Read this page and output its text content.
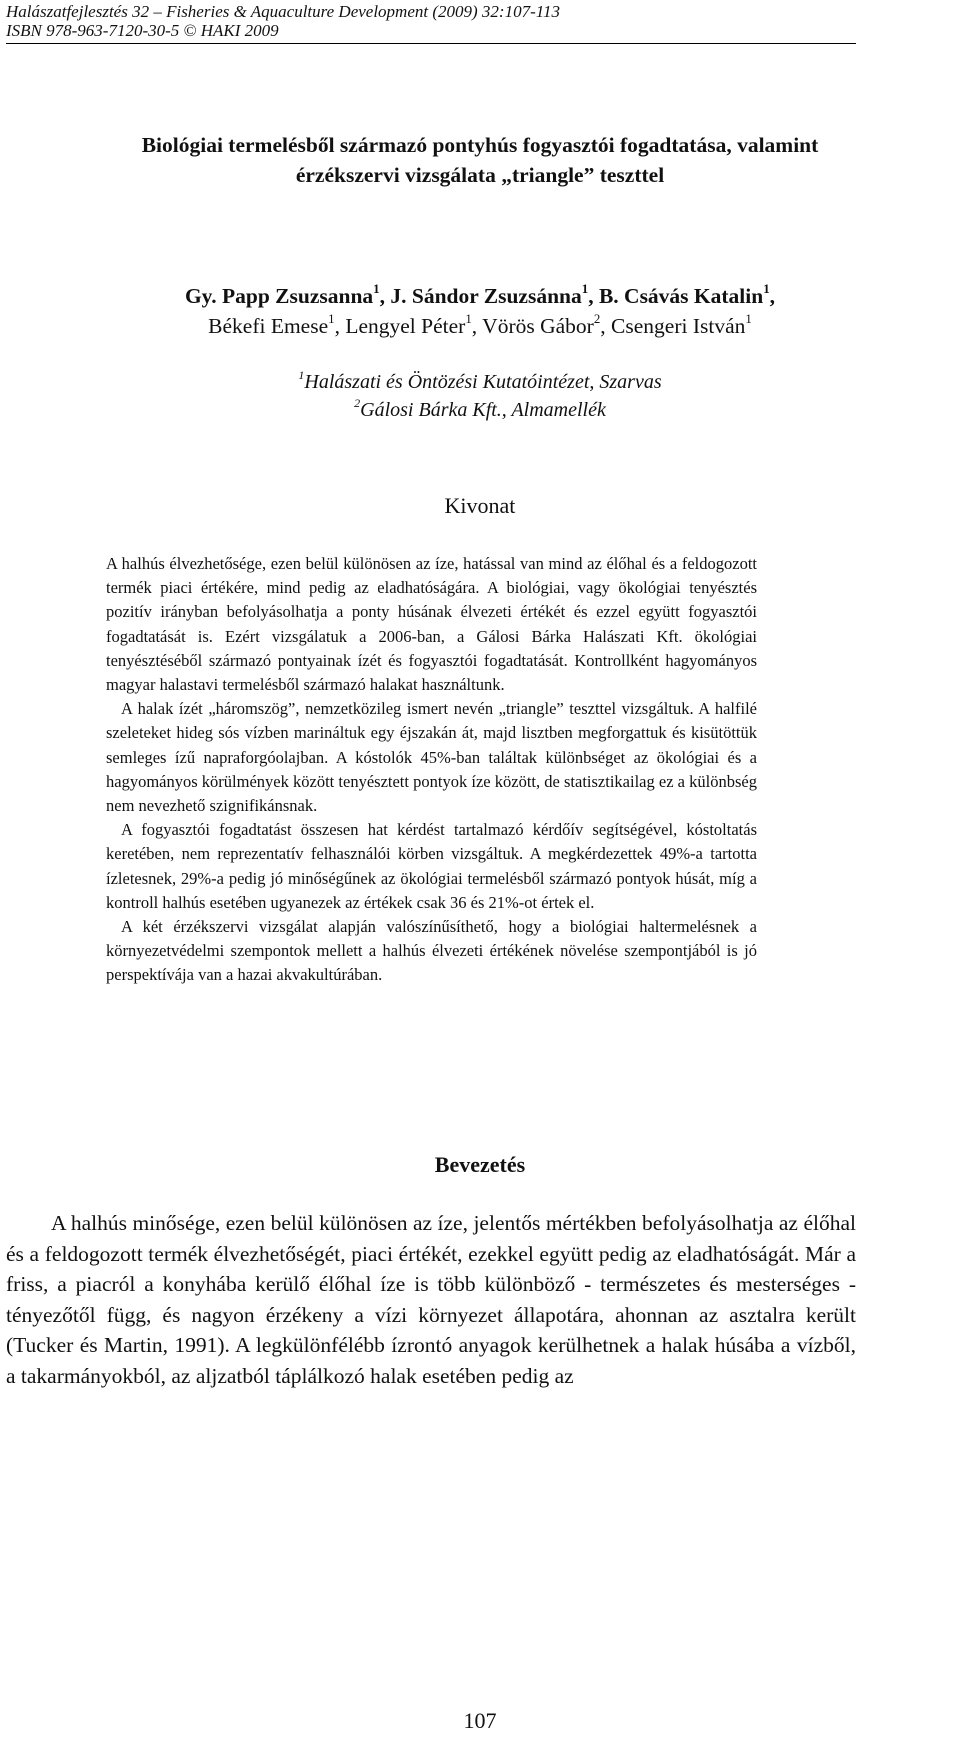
Halászatfejlesztés 32 – Fisheries & Aquaculture Development (2009) 32:107-113
ISBN 978-963-7120-30-5 © HAKI 2009
Biológiai termelésből származó pontyhús fogyasztói fogadtatása, valamint
érzékszervi vizsgálata „triangle” teszttel
Gy. Papp Zsuzsanna$^1$, J. Sándor Zsuzsánna$^1$, B. Csávás Katalin$^1$,
Békefi Emese$^1$, Lengyel Péter$^1$, Vörös Gábor$^2$, Csengeri István$^1$
$^1$Halászati és Öntözési Kutatóintézet, Szarvas
$^2$Gálosi Bárka Kft., Almamellék
Kivonat

A halhús élvezhetősége, ezen belül különösen az íze, hatással van mind az élőhal és a feldogozott termék piaci értékére, mind pedig az eladhatóságára. A biológiai, vagy ökológiai tenyésztés pozitív irányban befolyásolhatja a ponty húsának élvezeti értékét és ezzel együtt fogyasztói fogadtatását is. Ezért vizsgálatuk a 2006-ban, a Gálosi Bárka Halászati Kft. ökológiai tenyésztéséből származó pontyainak ízét és fogyasztói fogadtatását. Kontrollként hagyományos magyar halastavi termelésből származó halakat használtunk.

A halak ízét „háromszög”, nemzetközileg ismert nevén „triangle” teszttel vizsgáltuk. A halfilé szeleteket hideg sós vízben marináltuk egy éjszakán át, majd lisztben megforgattuk és kisütöttük semleges ízű napraforgóolajban. A kóstolók 45%-ban találtak különbséget az ökológiai és a hagyományos körülmények között tenyésztett pontyok íze között, de statisztikailag ez a különbség nem nevezhető szignifikánsnak.

A fogyasztói fogadtatást összesen hat kérdést tartalmazó kérdőív segítségével, kóstoltatás keretében, nem reprezentatív felhasználói körben vizsgáltuk. A megkérdezettek 49%-a tartotta ízletesnek, 29%-a pedig jó minőségűnek az ökológiai termelésből származó pontyok húsát, míg a kontroll halhús esetében ugyanezek az értékek csak 36 és 21%-ot értek el.

A két érzékszervi vizsgálat alapján valószínűsíthető, hogy a biológiai haltermelésnek a környezetvédelmi szempontok mellett a halhús élvezeti értékének növelése szempontjából is jó perspektívája van a hazai akvakultúrában.

Bevezetés

A halhús minősége, ezen belül különösen az íze, jelentős mértékben befolyásolhatja az élőhal és a feldogozott termék élvezhetőségét, piaci értékét, ezekkel együtt pedig az eladhatóságát. Már a friss, a piacról a konyhába kerülő élőhal íze is több különböző - természetes és mesterséges - tényezőtől függ, és nagyon érzékeny a vízi környezet állapotára, ahonnan az asztalra került (Tucker és Martin, 1991). A legkülönfélébb ízrontó anyagok kerülhetnek a halak húsába a vízből, a takarmányokból, az aljzatból táplálkozó halak esetében pedig az

107
